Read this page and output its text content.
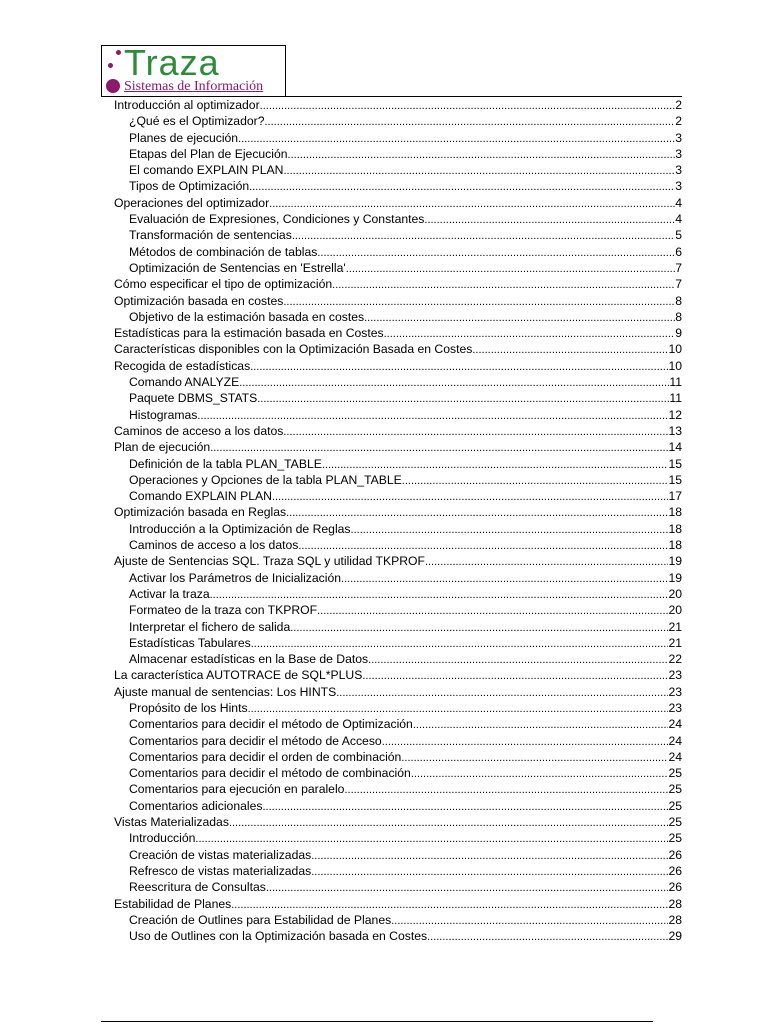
Traza
Sistemas de Información
Introducción al optimizador .....	2
¿Qué es el Optimizador? .....	2
Planes de ejecución .....	3
Etapas del Plan de Ejecución .....	3
El comando EXPLAIN PLAN .....	3
Tipos de Optimización .....	3
Operaciones del optimizador .....	4
Evaluación de Expresiones, Condiciones y Constantes .....	4
Transformación de sentencias .....	5
Métodos de combinación de tablas .....	6
Optimización de Sentencias en 'Estrella' .....	7
Cómo especificar el tipo de optimización .....	7
Optimización basada en costes .....	8
Objetivo de la estimación basada en costes .....	8
Estadísticas para la estimación basada en Costes .....	9
Características disponibles con la Optimización Basada en Costes .....	10
Recogida de estadísticas .....	10
Comando ANALYZE .....	11
Paquete DBMS_STATS .....	11
Histogramas .....	12
Caminos de acceso a los datos .....	13
Plan de ejecución .....	14
Definición de la tabla PLAN_TABLE .....	15
Operaciones y Opciones de la tabla PLAN_TABLE .....	15
Comando EXPLAIN PLAN .....	17
Optimización basada en Reglas .....	18
Introducción a la Optimización de Reglas .....	18
Caminos de acceso a los datos .....	18
Ajuste de Sentencias SQL. Traza SQL y utilidad TKPROF .....	19
Activar los Parámetros de Inicialización .....	19
Activar la traza .....	20
Formateo de la traza con TKPROF .....	20
Interpretar el fichero de salida .....	21
Estadísticas Tabulares .....	21
Almacenar estadísticas en la Base de Datos .....	22
La característica AUTOTRACE de SQL*PLUS .....	23
Ajuste manual de sentencias: Los HINTS .....	23
Propósito de los Hints .....	23
Comentarios para decidir el método de Optimización .....	24
Comentarios para decidir el método de Acceso .....	24
Comentarios para decidir el orden de combinación .....	24
Comentarios para decidir el método de combinación .....	25
Comentarios para ejecución en paralelo .....	25
Comentarios adicionales .....	25
Vistas Materializadas .....	25
Introducción .....	25
Creación de vistas materializadas .....	26
Refresco de vistas materializadas .....	26
Reescritura de Consultas .....	26
Estabilidad de Planes .....	28
Creación de Outlines para Estabilidad de Planes .....	28
Uso de Outlines con la Optimización basada en Costes .....	29
